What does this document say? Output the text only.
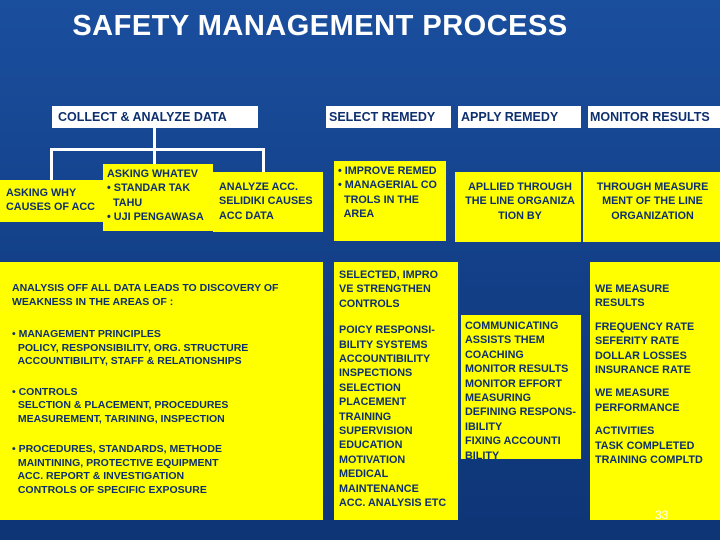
SAFETY MANAGEMENT PROCESS
COLLECT & ANALYZE DATA	SELECT REMEDY	APPLY REMEDY	MONITOR RESULTS
ASKING WHY
CAUSES OF ACC
ASKING WHATEV
• STANDAR TAK
TAHU
• UJI PENGAWASA
ANALYZE ACC.
SELIDIKI CAUSES
ACC DATA
ANALYSIS OFF ALL DATA LEADS TO DISCOVERY OF
WEAKNESS IN THE AREAS OF :
• MANAGEMENT PRINCIPLES
POLICY, RESPONSIBILITY, ORG. STRUCTURE
ACCOUNTIBILITY, STAFF & RELATIONSHIPS
• CONTROLS
SELCTION & PLACEMENT, PROCEDURES
MEASUREMENT, TARINING, INSPECTION
• PROCEDURES, STANDARDS, METHODE
MAINTINING, PROTECTIVE EQUIPMENT
ACC. REPORT & INVESTIGATION
CONTROLS OF SPECIFIC EXPOSURE
• IMPROVE REMED
• MANAGERIAL CO
TROLS IN THE
AREA
SELECTED, IMPRO
VE STRENGTHEN
CONTROLS
POICY RESPONSI-
BILITY SYSTEMS
ACCOUNTIBILITY
INSPECTIONS
SELECTION
PLACEMENT
TRAINING
SUPERVISION
EDUCATION
MOTIVATION
MEDICAL
MAINTENANCE
ACC. ANALYSIS ETC
APLLIED THROUGH
THE LINE ORGANIZA
TION BY
COMMUNICATING
ASSISTS THEM
COACHING
MONITOR RESULTS
MONITOR EFFORT
MEASURING
DEFINING RESPONS-
IBILITY
FIXING ACCOUNTI
BILITY
THROUGH MEASURE
MENT OF THE LINE
ORGANIZATION
WE MEASURE
RESULTS
FREQUENCY RATE
SEFERITY RATE
DOLLAR LOSSES
INSURANCE RATE
WE MEASURE
PERFORMANCE
ACTIVITIES
TASK COMPLETED
TRAINING COMPLTD
33
